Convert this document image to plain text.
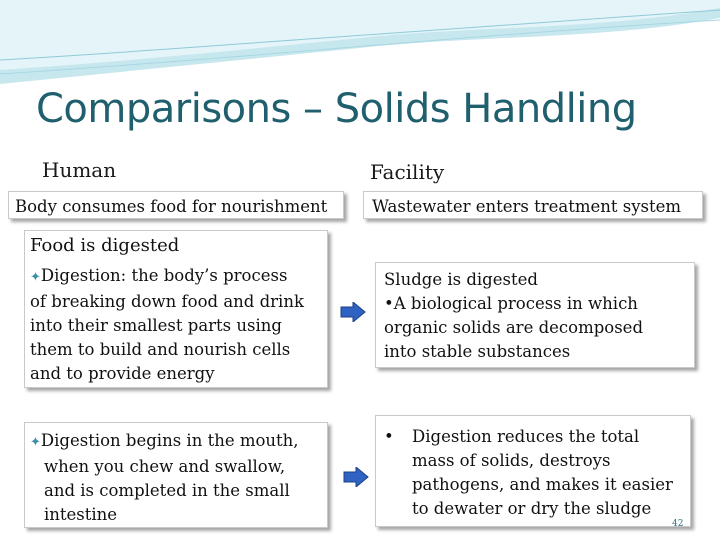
Comparisons – Solids Handling
Human	Facility
Body consumes food for nourishment	Wastewater enters treatment system
Food is digested
✦Digestion: the body’s process
of breaking down food and drink
into their smallest parts using
them to build and nourish cells
and to provide energy
Sludge is digested
•A biological process in which
organic solids are decomposed
into stable substances
✦Digestion begins in the mouth,
when you chew and swallow,
and is completed in the small
intestine
• Digestion reduces the total
mass of solids, destroys
pathogens, and makes it easier
to dewater or dry the sludge
42
